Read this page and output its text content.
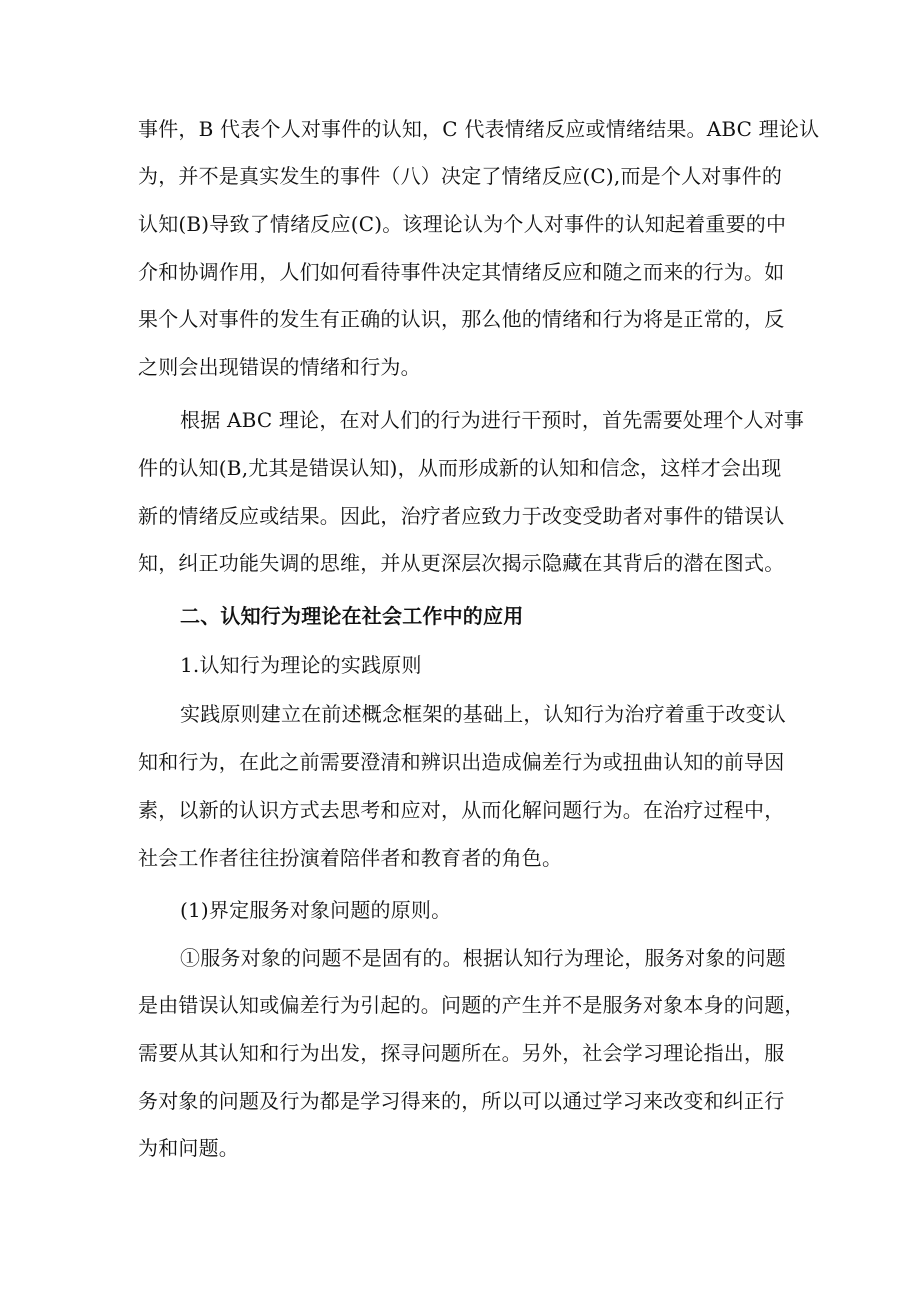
事件，B 代表个人对事件的认知，C 代表情绪反应或情绪结果。ABC 理论认

为，并不是真实发生的事件（八）决定了情绪反应(C),而是个人对事件的

认知(B)导致了情绪反应(C)。该理论认为个人对事件的认知起着重要的中

介和协调作用，人们如何看待事件决定其情绪反应和随之而来的行为。如

果个人对事件的发生有正确的认识，那么他的情绪和行为将是正常的，反

之则会出现错误的情绪和行为。

根据 ABC 理论，在对人们的行为进行干预时，首先需要处理个人对事

件的认知(B,尤其是错误认知)，从而形成新的认知和信念，这样才会出现

新的情绪反应或结果。因此，治疗者应致力于改变受助者对事件的错误认

知，纠正功能失调的思维，并从更深层次揭示隐藏在其背后的潜在图式。

二、认知行为理论在社会工作中的应用

1.认知行为理论的实践原则

实践原则建立在前述概念框架的基础上，认知行为治疗着重于改变认

知和行为，在此之前需要澄清和辨识出造成偏差行为或扭曲认知的前导因

素，以新的认识方式去思考和应对，从而化解问题行为。在治疗过程中，

社会工作者往往扮演着陪伴者和教育者的角色。

(1)界定服务对象问题的原则。

①服务对象的问题不是固有的。根据认知行为理论，服务对象的问题

是由错误认知或偏差行为引起的。问题的产生并不是服务对象本身的问题，

需要从其认知和行为出发，探寻问题所在。另外，社会学习理论指出，服

务对象的问题及行为都是学习得来的，所以可以通过学习来改变和纠正行

为和问题。
